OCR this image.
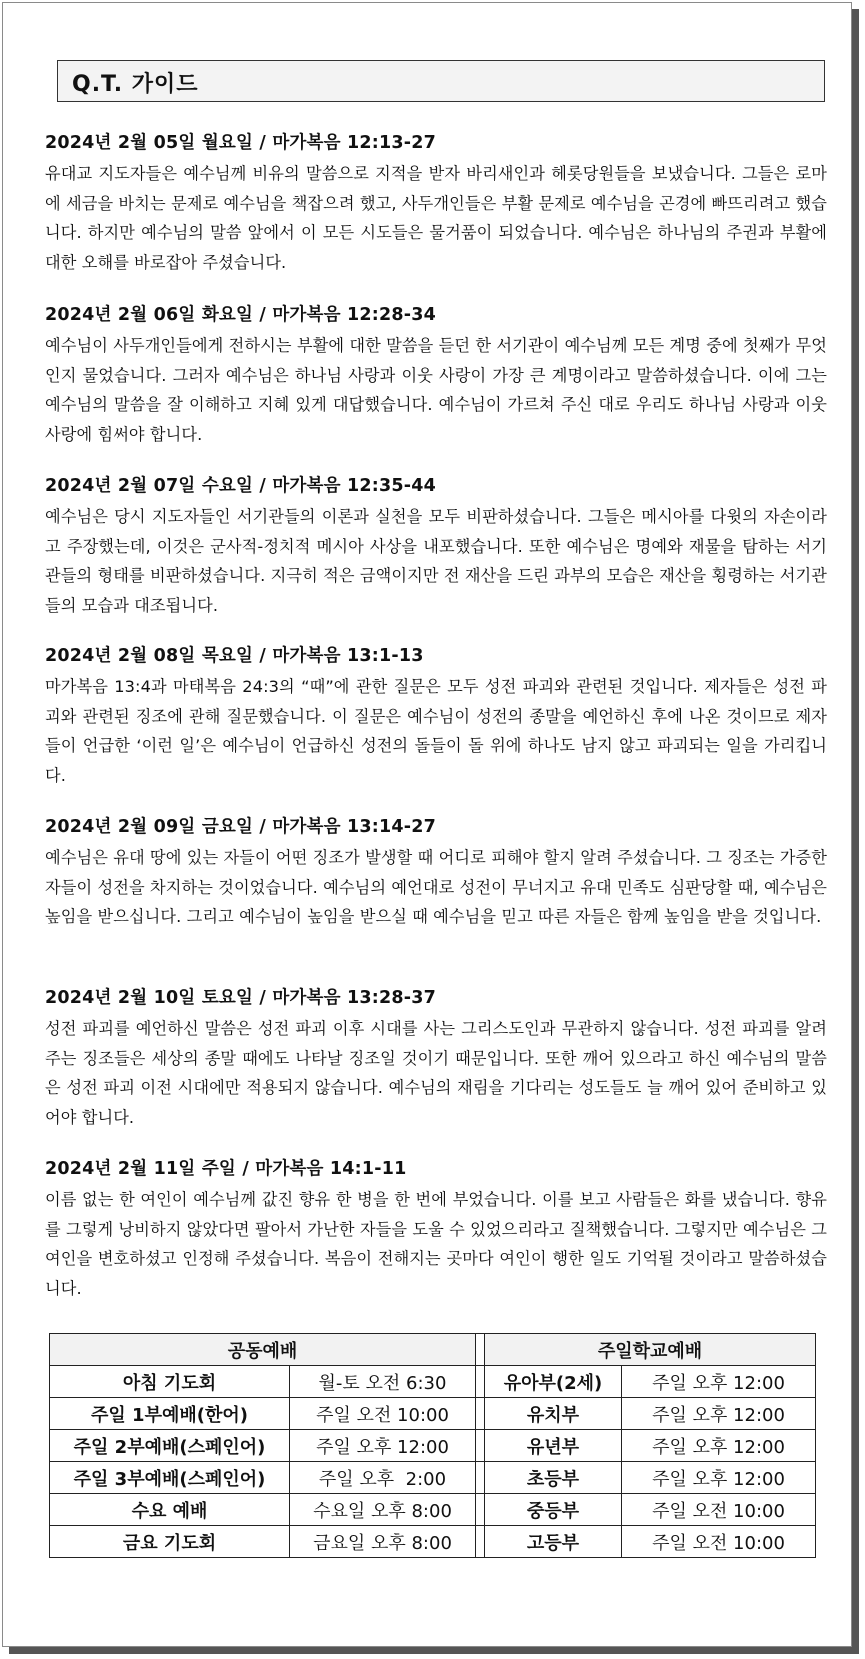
Q.T. 가이드
2024년 2월 05일 월요일 / 마가복음 12:13-27

유대교 지도자들은 예수님께 비유의 말씀으로 지적을 받자 바리새인과 헤롯당원들을 보냈습니다. 그들은 로마에 세금을 바치는 문제로 예수님을 책잡으려 했고, 사두개인들은 부활 문제로 예수님을 곤경에 빠뜨리려고 했습니다. 하지만 예수님의 말씀 앞에서 이 모든 시도들은 물거품이 되었습니다. 예수님은 하나님의 주권과 부활에 대한 오해를 바로잡아 주셨습니다.

2024년 2월 06일 화요일 / 마가복음 12:28-34

예수님이 사두개인들에게 전하시는 부활에 대한 말씀을 듣던 한 서기관이 예수님께 모든 계명 중에 첫째가 무엇인지 물었습니다. 그러자 예수님은 하나님 사랑과 이웃 사랑이 가장 큰 계명이라고 말씀하셨습니다. 이에 그는 예수님의 말씀을 잘 이해하고 지혜 있게 대답했습니다. 예수님이 가르쳐 주신 대로 우리도 하나님 사랑과 이웃 사랑에 힘써야 합니다.

2024년 2월 07일 수요일 / 마가복음 12:35-44

예수님은 당시 지도자들인 서기관들의 이론과 실천을 모두 비판하셨습니다. 그들은 메시아를 다윗의 자손이라고 주장했는데, 이것은 군사적-정치적 메시아 사상을 내포했습니다. 또한 예수님은 명예와 재물을 탐하는 서기관들의 형태를 비판하셨습니다. 지극히 적은 금액이지만 전 재산을 드린 과부의 모습은 재산을 횡령하는 서기관들의 모습과 대조됩니다.

2024년 2월 08일 목요일 / 마가복음 13:1-13

마가복음 13:4과 마태복음 24:3의 “때”에 관한 질문은 모두 성전 파괴와 관련된 것입니다. 제자들은 성전 파괴와 관련된 징조에 관해 질문했습니다. 이 질문은 예수님이 성전의 종말을 예언하신 후에 나온 것이므로 제자들이 언급한 ‘이런 일’은 예수님이 언급하신 성전의 돌들이 돌 위에 하나도 남지 않고 파괴되는 일을 가리킵니다.

2024년 2월 09일 금요일 / 마가복음 13:14-27

예수님은 유대 땅에 있는 자들이 어떤 징조가 발생할 때 어디로 피해야 할지 알려 주셨습니다. 그 징조는 가증한 자들이 성전을 차지하는 것이었습니다. 예수님의 예언대로 성전이 무너지고 유대 민족도 심판당할 때, 예수님은 높임을 받으십니다. 그리고 예수님이 높임을 받으실 때 예수님을 믿고 따른 자들은 함께 높임을 받을 것입니다.

2024년 2월 10일 토요일 / 마가복음 13:28-37

성전 파괴를 예언하신 말씀은 성전 파괴 이후 시대를 사는 그리스도인과 무관하지 않습니다. 성전 파괴를 알려 주는 징조들은 세상의 종말 때에도 나타날 징조일 것이기 때문입니다. 또한 깨어 있으라고 하신 예수님의 말씀은 성전 파괴 이전 시대에만 적용되지 않습니다. 예수님의 재림을 기다리는 성도들도 늘 깨어 있어 준비하고 있어야 합니다.

2024년 2월 11일 주일 / 마가복음 14:1-11

이름 없는 한 여인이 예수님께 값진 향유 한 병을 한 번에 부었습니다. 이를 보고 사람들은 화를 냈습니다. 향유를 그렇게 낭비하지 않았다면 팔아서 가난한 자들을 도울 수 있었으리라고 질책했습니다. 그렇지만 예수님은 그 여인을 변호하셨고 인정해 주셨습니다. 복음이 전해지는 곳마다 여인이 행한 일도 기억될 것이라고 말씀하셨습니다.

공동예배			주일학교예배	
아침 기도회	월-토 오전 6:30		유아부(2세)	주일 오후 12:00
주일 1부예배(한어)	주일 오전 10:00		유치부	주일 오후 12:00
주일 2부예배(스페인어)	주일 오후 12:00		유년부	주일 오후 12:00
주일 3부예배(스페인어)	주일 오후  2:00		초등부	주일 오후 12:00
수요 예배	수요일 오후 8:00		중등부	주일 오전 10:00
금요 기도회	금요일 오후 8:00		고등부	주일 오전 10:00
